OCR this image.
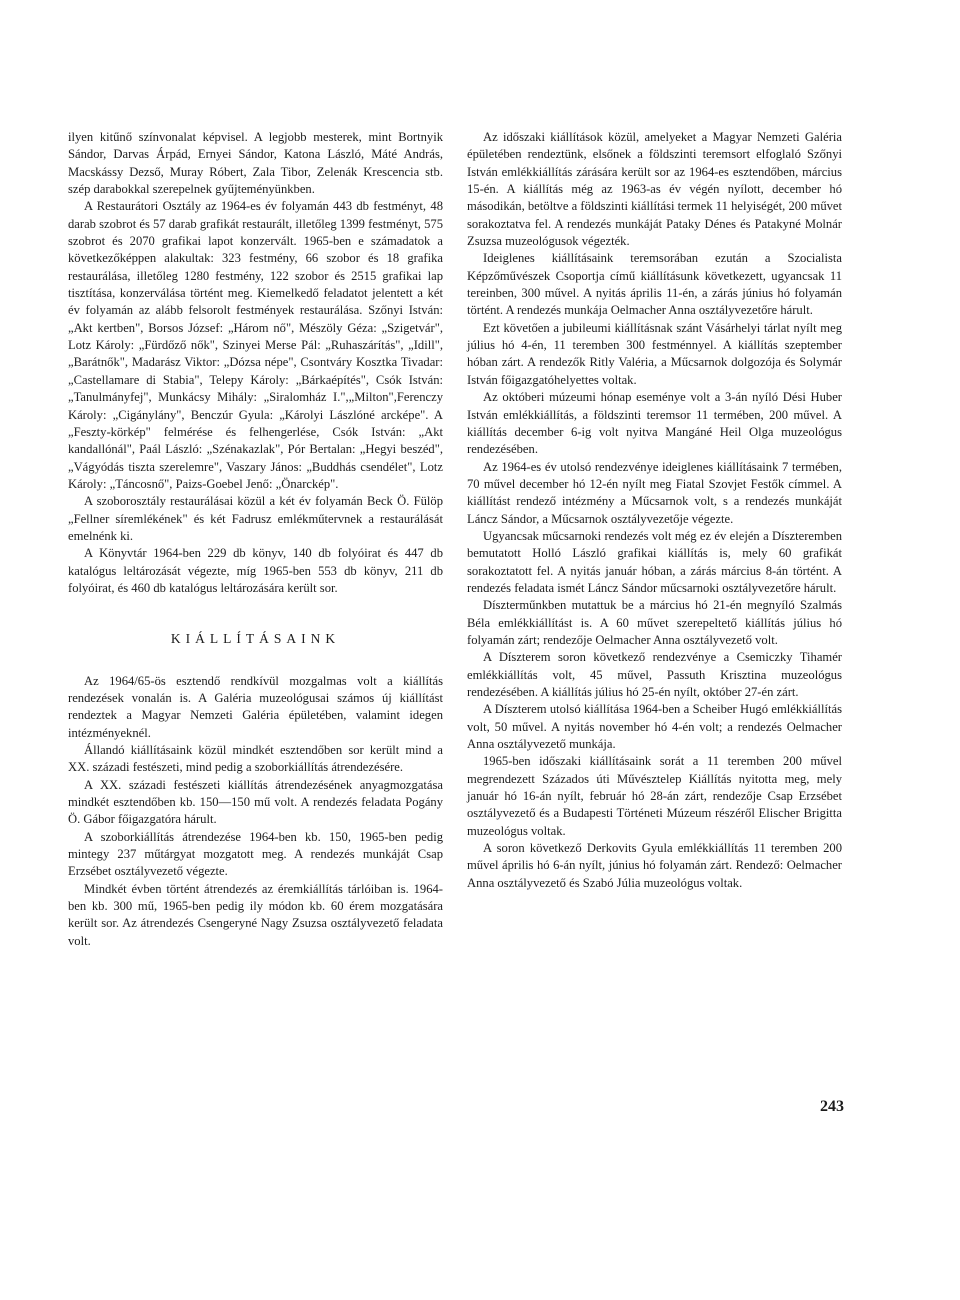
ilyen kitűnő színvonalat képvisel. A legjobb mesterek, mint Bortnyik Sándor, Darvas Árpád, Ernyei Sándor, Katona László, Máté András, Macskássy Dezső, Muray Róbert, Zala Tibor, Zelenák Krescencia stb. szép darabokkal szerepelnek gyűjteményünkben.

A Restaurátori Osztály az 1964-es év folyamán 443 db festményt, 48 darab szobrot és 57 darab grafikát restaurált, illetőleg 1399 festményt, 575 szobrot és 2070 grafikai lapot konzervált. 1965-ben e számadatok a következőképpen alakultak: 323 festmény, 66 szobor és 18 grafika restaurálása, illetőleg 1280 festmény, 122 szobor és 2515 grafikai lap tisztítása, konzerválása történt meg. Kiemelkedő feladatot jelentett a két év folyamán az alább felsorolt festmények restaurálása. Szőnyi István: „Akt kertben", Borsos József: „Három nő", Mészöly Géza: „Szigetvár", Lotz Károly: „Fürdőző nők", Szinyei Merse Pál: „Ruhaszárítás", „Idill", „Barátnők", Madarász Viktor: „Dózsa népe", Csontváry Kosztka Tivadar: „Castellamare di Stabia", Telepy Károly: „Bárkaépítés", Csók István: „Tanulmányfej", Munkácsy Mihály: „Siralomház I.",„Milton",Ferenczy Károly: „Cigánylány", Benczúr Gyula: „Károlyi Lászlóné arcképe". A „Feszty-körkép" felmérése és felhengerlése, Csók István: „Akt kandallónál", Paál László: „Szénakazlak", Pór Bertalan: „Hegyi beszéd", „Vágyódás tiszta szerelemre", Vaszary János: „Buddhás csendélet", Lotz Károly: „Táncosnő", Paizs-Goebel Jenő: „Önarckép".

A szoborosztály restaurálásai közül a két év folyamán Beck Ö. Fülöp „Fellner síremlékének" és két Fadrusz emlékműtervnek a restaurálását emelnénk ki.

A Könyvtár 1964-ben 229 db könyv, 140 db folyóirat és 447 db katalógus leltározását végezte, míg 1965-ben 553 db könyv, 211 db folyóirat, és 460 db katalógus leltározására került sor.

KIÁLLÍTÁSAINK

Az 1964/65-ös esztendő rendkívül mozgalmas volt a kiállítás rendezések vonalán is. A Galéria muzeológusai számos új kiállítást rendeztek a Magyar Nemzeti Galéria épületében, valamint idegen intézményeknél.

Állandó kiállításaink közül mindkét esztendőben sor került mind a XX. századi festészeti, mind pedig a szoborkiállítás átrendezésére.

A XX. századi festészeti kiállítás átrendezésének anyagmozgatása mindkét esztendőben kb. 150—150 mű volt. A rendezés feladata Pogány Ö. Gábor főigazgatóra hárult.

A szoborkiállítás átrendezése 1964-ben kb. 150, 1965-ben pedig mintegy 237 műtárgyat mozgatott meg. A rendezés munkáját Csap Erzsébet osztályvezető végezte.

Mindkét évben történt átrendezés az éremkiállítás tárlóiban is. 1964-ben kb. 300 mű, 1965-ben pedig ily módon kb. 60 érem mozgatására került sor. Az átrendezés Csengeryné Nagy Zsuzsa osztályvezető feladata volt.

Az időszaki kiállítások közül, amelyeket a Magyar Nemzeti Galéria épületében rendeztünk, elsőnek a földszinti teremsort elfoglaló Szőnyi István emlékkiállítás zárására került sor az 1964-es esztendőben, március 15-én. A kiállítás még az 1963-as év végén nyílott, december hó másodikán, betöltve a földszinti kiállítási termek 11 helyiségét, 200 művet sorakoztatva fel. A rendezés munkáját Pataky Dénes és Patakyné Molnár Zsuzsa muzeológusok végezték.

Ideiglenes kiállításaink teremsorában ezután a Szocialista Képzőművészek Csoportja című kiállításunk következett, ugyancsak 11 tereinben, 300 művel. A nyitás április 11-én, a zárás június hó folyamán történt. A rendezés munkája Oelmacher Anna osztályvezetőre hárult.

Ezt követően a jubileumi kiállításnak szánt Vásárhelyi tárlat nyílt meg július hó 4-én, 11 teremben 300 festménnyel. A kiállítás szeptember hóban zárt. A rendezők Ritly Valéria, a Műcsarnok dolgozója és Solymár István főigazgatóhelyettes voltak.

Az októberi múzeumi hónap eseménye volt a 3-án nyíló Dési Huber István emlékkiállítás, a földszinti teremsor 11 termében, 200 művel. A kiállítás december 6-ig volt nyitva Mangáné Heil Olga muzeológus rendezésében.

Az 1964-es év utolsó rendezvénye ideiglenes kiállításaink 7 termében, 70 művel december hó 12-én nyílt meg Fiatal Szovjet Festők címmel. A kiállítást rendező intézmény a Műcsarnok volt, s a rendezés munkáját Láncz Sándor, a Műcsarnok osztályvezetője végezte.

Ugyancsak műcsarnoki rendezés volt még ez év elején a Díszteremben bemutatott Holló László grafikai kiállítás is, mely 60 grafikát sorakoztatott fel. A nyitás január hóban, a zárás március 8-án történt. A rendezés feladata ismét Láncz Sándor műcsarnoki osztályvezetőre hárult.

Díszterműnkben mutattuk be a március hó 21-én megnyíló Szalmás Béla emlékkiállítást is. A 60 művet szerepeltető kiállítás július hó folyamán zárt; rendezője Oelmacher Anna osztályvezető volt.

A Díszterem soron következő rendezvénye a Csemiczky Tihamér emlékkiállítás volt, 45 művel, Passuth Krisztina muzeológus rendezésében. A kiállítás július hó 25-én nyílt, október 27-én zárt.

A Díszterem utolsó kiállítása 1964-ben a Scheiber Hugó emlékkiállítás volt, 50 művel. A nyitás november hó 4-én volt; a rendezés Oelmacher Anna osztályvezető munkája.

1965-ben időszaki kiállításaink sorát a 11 teremben 200 művel megrendezett Százados úti Művésztelep Kiállítás nyitotta meg, mely január hó 16-án nyílt, február hó 28-án zárt, rendezője Csap Erzsébet osztályvezető és a Budapesti Történeti Múzeum részéről Elischer Brigitta muzeológus voltak.

A soron következő Derkovits Gyula emlékkiállítás 11 teremben 200 művel április hó 6-án nyílt, június hó folyamán zárt. Rendező: Oelmacher Anna osztályvezető és Szabó Júlia muzeológus voltak.

243
